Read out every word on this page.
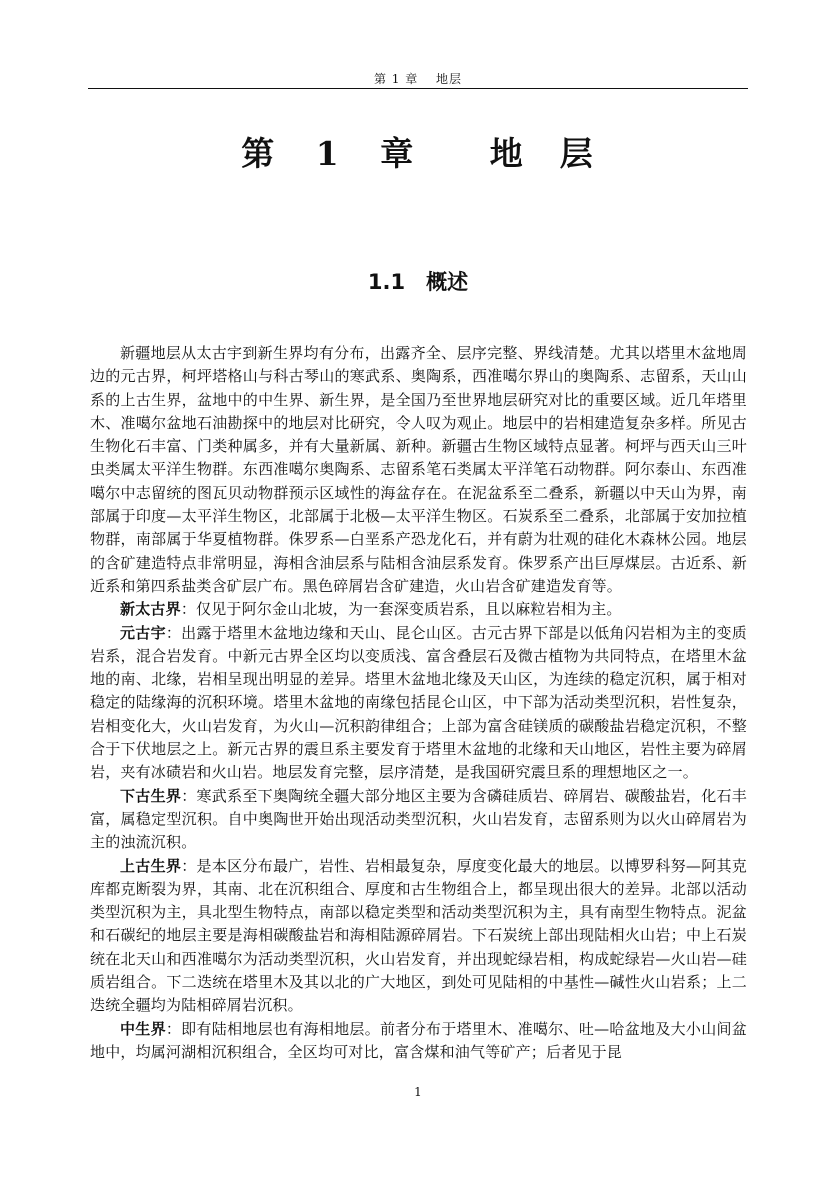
第 1 章　 地层
第 1 章　 地　层
1.1　概述

新疆地层从太古宇到新生界均有分布，出露齐全、层序完整、界线清楚。尤其以塔里木盆地周边的元古界，柯坪塔格山与科古琴山的寒武系、奥陶系，西准噶尔界山的奥陶系、志留系，天山山系的上古生界，盆地中的中生界、新生界，是全国乃至世界地层研究对比的重要区域。近几年塔里木、准噶尔盆地石油勘探中的地层对比研究，令人叹为观止。地层中的岩相建造复杂多样。所见古生物化石丰富、门类种属多，并有大量新属、新种。新疆古生物区域特点显著。柯坪与西天山三叶虫类属太平洋生物群。东西准噶尔奥陶系、志留系笔石类属太平洋笔石动物群。阿尔泰山、东西准噶尔中志留统的图瓦贝动物群预示区域性的海盆存在。在泥盆系至二叠系，新疆以中天山为界，南部属于印度—太平洋生物区，北部属于北极—太平洋生物区。石炭系至二叠系，北部属于安加拉植物群，南部属于华夏植物群。侏罗系—白垩系产恐龙化石，并有蔚为壮观的硅化木森林公园。地层的含矿建造特点非常明显，海相含油层系与陆相含油层系发育。侏罗系产出巨厚煤层。古近系、新近系和第四系盐类含矿层广布。黑色碎屑岩含矿建造，火山岩含矿建造发育等。

新太古界：仅见于阿尔金山北坡，为一套深变质岩系，且以麻粒岩相为主。

元古宇：出露于塔里木盆地边缘和天山、昆仑山区。古元古界下部是以低角闪岩相为主的变质岩系，混合岩发育。中新元古界全区均以变质浅、富含叠层石及微古植物为共同特点，在塔里木盆地的南、北缘，岩相呈现出明显的差异。塔里木盆地北缘及天山区，为连续的稳定沉积，属于相对稳定的陆缘海的沉积环境。塔里木盆地的南缘包括昆仑山区，中下部为活动类型沉积，岩性复杂，岩相变化大，火山岩发育，为火山—沉积韵律组合；上部为富含硅镁质的碳酸盐岩稳定沉积，不整合于下伏地层之上。新元古界的震旦系主要发育于塔里木盆地的北缘和天山地区，岩性主要为碎屑岩，夹有冰碛岩和火山岩。地层发育完整，层序清楚，是我国研究震旦系的理想地区之一。

下古生界：寒武系至下奥陶统全疆大部分地区主要为含磷硅质岩、碎屑岩、碳酸盐岩，化石丰富，属稳定型沉积。自中奥陶世开始出现活动类型沉积，火山岩发育，志留系则为以火山碎屑岩为主的浊流沉积。

上古生界：是本区分布最广，岩性、岩相最复杂，厚度变化最大的地层。以博罗科努—阿其克库都克断裂为界，其南、北在沉积组合、厚度和古生物组合上，都呈现出很大的差异。北部以活动类型沉积为主，具北型生物特点，南部以稳定类型和活动类型沉积为主，具有南型生物特点。泥盆和石碳纪的地层主要是海相碳酸盐岩和海相陆源碎屑岩。下石炭统上部出现陆相火山岩；中上石炭统在北天山和西准噶尔为活动类型沉积，火山岩发育，并出现蛇绿岩相，构成蛇绿岩—火山岩—硅质岩组合。下二迭统在塔里木及其以北的广大地区，到处可见陆相的中基性—碱性火山岩系；上二迭统全疆均为陆相碎屑岩沉积。

中生界：即有陆相地层也有海相地层。前者分布于塔里木、准噶尔、吐—哈盆地及大小山间盆地中，均属河湖相沉积组合，全区均可对比，富含煤和油气等矿产；后者见于昆

1
